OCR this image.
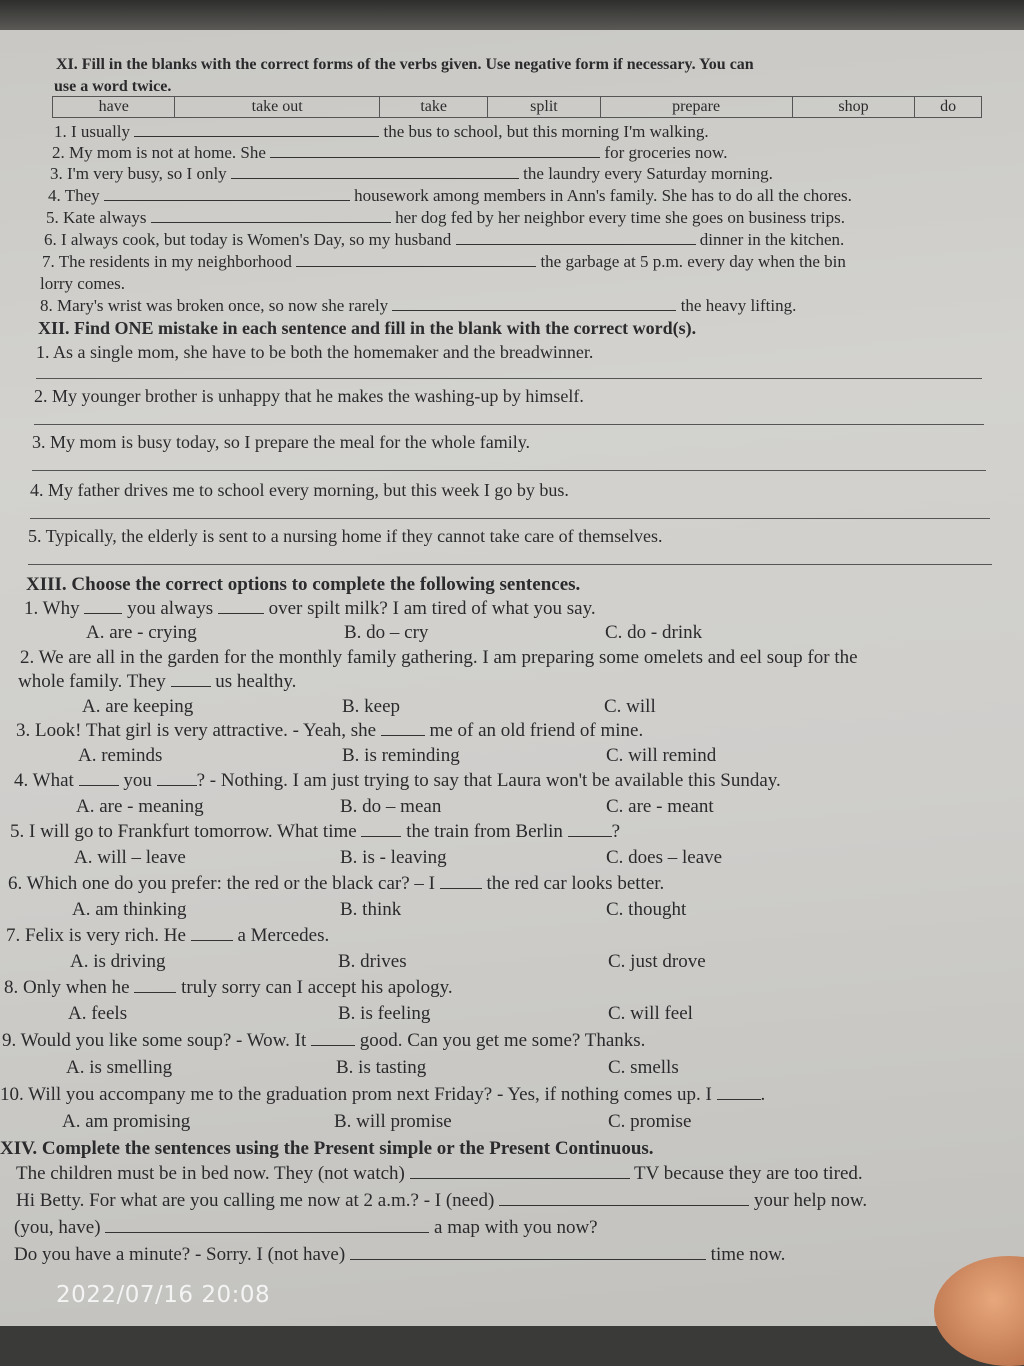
XI. Fill in the blanks with the correct forms of the verbs given. Use negative form if necessary. You can
use a word twice.
have	take out	take	split	prepare	shop	do
1. I usually	the bus to school, but this morning I'm walking.
2. My mom is not at home. She	for groceries now.
3. I'm very busy, so I only	the laundry every Saturday morning.
4. They	housework among members in Ann's family. She has to do all the chores.
5. Kate always	her dog fed by her neighbor every time she goes on business trips.
6. I always cook, but today is Women's Day, so my husband	dinner in the kitchen.
7. The residents in my neighborhood	the garbage at 5 p.m. every day when the bin
lorry comes.
8. Mary's wrist was broken once, so now she rarely	the heavy lifting.
XII. Find ONE mistake in each sentence and fill in the blank with the correct word(s).
1. As a single mom, she have to be both the homemaker and the breadwinner.
2. My younger brother is unhappy that he makes the washing-up by himself.
3. My mom is busy today, so I prepare the meal for the whole family.
4. My father drives me to school every morning, but this week I go by bus.
5. Typically, the elderly is sent to a nursing home if they cannot take care of themselves.
XIII. Choose the correct options to complete the following sentences.
1. Why	you always	over spilt milk? I am tired of what you say.
A. are - crying	B. do – cry	C. do - drink
2. We are all in the garden for the monthly family gathering. I am preparing some omelets and eel soup for the
whole family. They	us healthy.
A. are keeping	B. keep	C. will
3. Look! That girl is very attractive. - Yeah, she	me of an old friend of mine.
A. reminds	B. is reminding	C. will remind
4. What	you ? - Nothing. I am just trying to say that Laura won't be available this Sunday.
A. are - meaning	B. do – mean	C. are - meant
5. I will go to Frankfurt tomorrow. What time	the train from Berlin	?
A. will – leave	B. is - leaving	C. does – leave
6. Which one do you prefer: the red or the black car? – I	the red car looks better.
A. am thinking	B. think	C. thought
7. Felix is very rich. He	a Mercedes.
A. is driving	B. drives	C. just drove
8. Only when he	truly sorry can I accept his apology.
A. feels	B. is feeling	C. will feel
9. Would you like some soup? - Wow. It	good. Can you get me some? Thanks.
A. is smelling	B. is tasting	C. smells
10. Will you accompany me to the graduation prom next Friday? - Yes, if nothing comes up. I	.
A. am promising	B. will promise	C. promise
XIV. Complete the sentences using the Present simple or the Present Continuous.
The children must be in bed now. They (not watch)	TV because they are too tired.
Hi Betty. For what are you calling me now at 2 a.m.? - I (need)	your help now.
(you, have)	a map with you now?
Do you have a minute? - Sorry. I (not have)	time now.
2022/07/16 20:08
